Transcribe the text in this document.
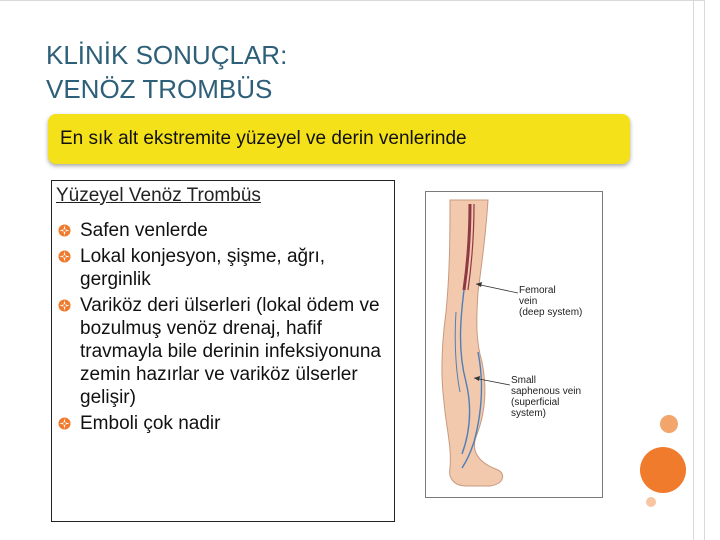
KLİNİK SONUÇLAR:
VENÖZ TROMBÜS
En sık alt ekstremite yüzeyel ve derin venlerinde
Yüzeyel Venöz Trombüs
Safen venlerde
Lokal konjesyon, şişme, ağrı, gerginlik
Variköz deri ülserleri (lokal ödem ve bozulmuş venöz drenaj, hafif travmayla bile derinin infeksiyonuna zemin hazırlar ve variköz ülserler gelişir)
Emboli çok nadir
Femoral
vein
(deep system)
Small
saphenous vein
(superficial
system)
